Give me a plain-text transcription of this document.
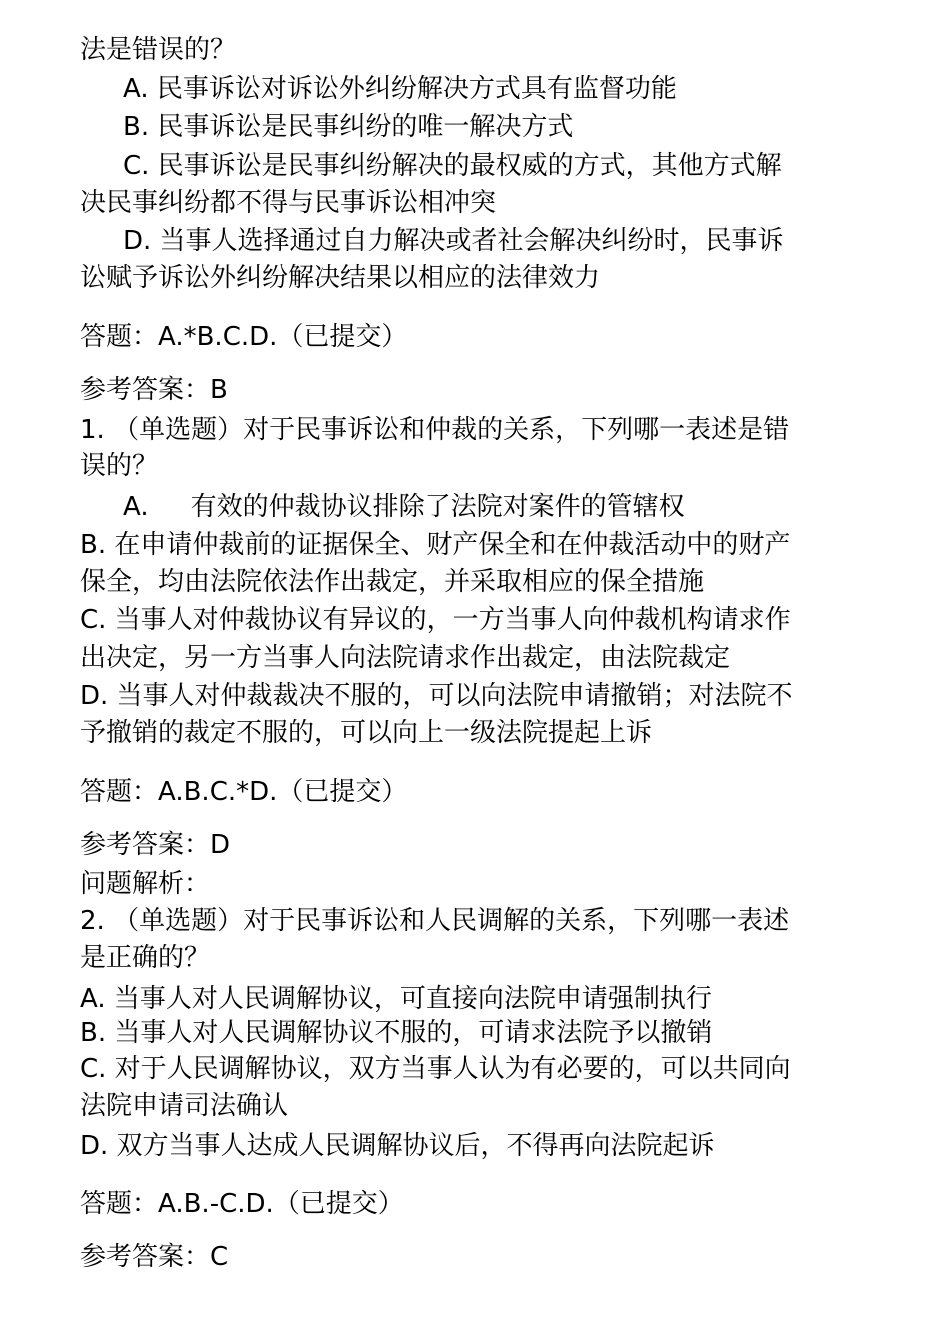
法是错误的？
A. 民事诉讼对诉讼外纠纷解决方式具有监督功能
B. 民事诉讼是民事纠纷的唯一解决方式
C. 民事诉讼是民事纠纷解决的最权威的方式，其他方式解
决民事纠纷都不得与民事诉讼相冲突
D. 当事人选择通过自力解决或者社会解决纠纷时，民事诉
讼赋予诉讼外纠纷解决结果以相应的法律效力
答题：A.*B.C.D.（已提交）
参考答案：B
1. （单选题）对于民事诉讼和仲裁的关系，下列哪一表述是错
误的？
A. 有效的仲裁协议排除了法院对案件的管辖权
B. 在申请仲裁前的证据保全、财产保全和在仲裁活动中的财产
保全，均由法院依法作出裁定，并采取相应的保全措施
C. 当事人对仲裁协议有异议的，一方当事人向仲裁机构请求作
出决定，另一方当事人向法院请求作出裁定，由法院裁定
D. 当事人对仲裁裁决不服的，可以向法院申请撤销；对法院不
予撤销的裁定不服的，可以向上一级法院提起上诉
答题：A.B.C.*D.（已提交）
参考答案：D
问题解析：
2. （单选题）对于民事诉讼和人民调解的关系，下列哪一表述
是正确的？
A. 当事人对人民调解协议，可直接向法院申请强制执行
B. 当事人对人民调解协议不服的，可请求法院予以撤销
C. 对于人民调解协议，双方当事人认为有必要的，可以共同向
法院申请司法确认
D. 双方当事人达成人民调解协议后，不得再向法院起诉
答题：A.B.-C.D.（已提交）
参考答案：C
